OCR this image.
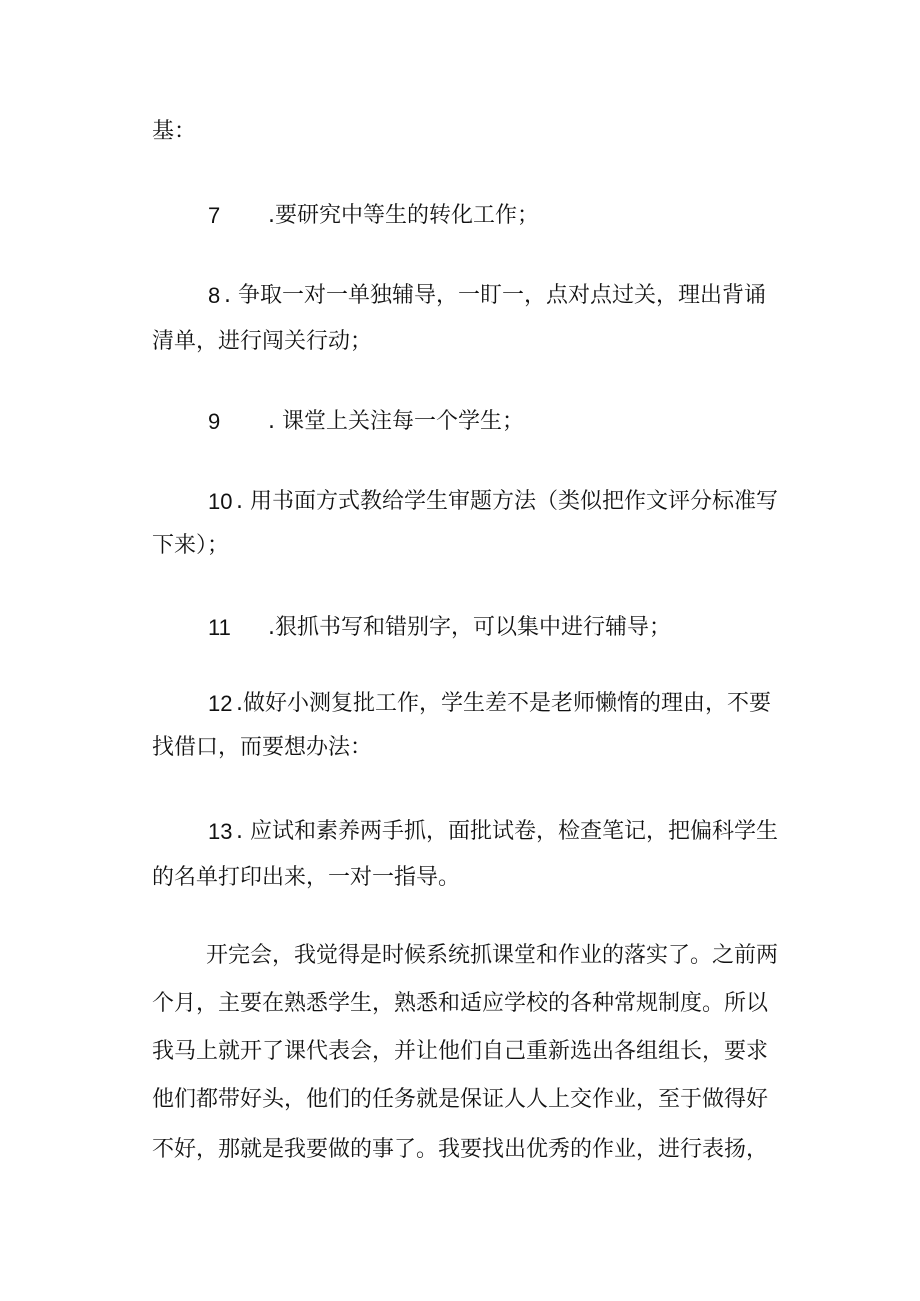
基：
7 .要研究中等生的转化工作；
8 . 争取一对一单独辅导，一盯一，点对点过关，理出背诵
清单，进行闯关行动；
9 . 课堂上关注每一个学生；
10 . 用书面方式教给学生审题方法（类似把作文评分标准写
下来）；
11 .狠抓书写和错别字，可以集中进行辅导；
12 .做好小测复批工作，学生差不是老师懒惰的理由，不要
找借口，而要想办法：
13 . 应试和素养两手抓，面批试卷，检查笔记，把偏科学生
的名单打印出来，一对一指导。
开完会，我觉得是时候系统抓课堂和作业的落实了。之前两
个月，主要在熟悉学生，熟悉和适应学校的各种常规制度。所以
我马上就开了课代表会，并让他们自己重新选出各组组长，要求
他们都带好头，他们的任务就是保证人人上交作业，至于做得好
不好，那就是我要做的事了。我要找出优秀的作业，进行表扬，
